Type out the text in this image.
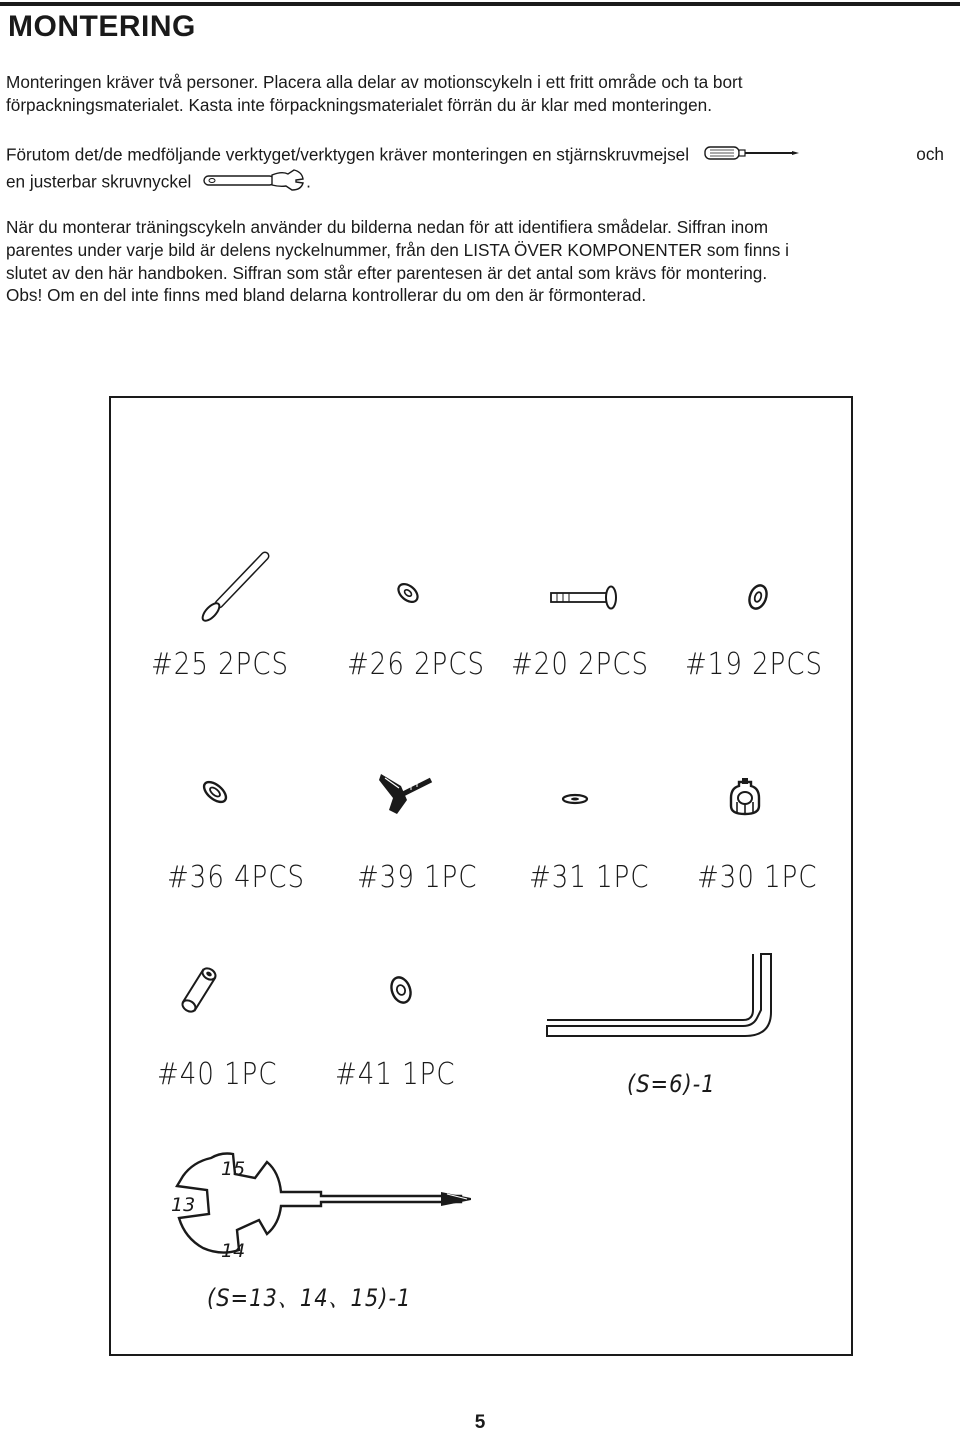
MONTERING
Monteringen kräver två personer. Placera alla delar av motionscykeln i ett fritt område och ta bort
förpackningsmaterialet. Kasta inte förpackningsmaterialet förrän du är klar med monteringen.
Förutom det/de medföljande verktyget/verktygen kräver monteringen en stjärnskruvmejsel	och
en justerbar skruvnyckel	.
När du monterar träningscykeln använder du bilderna nedan för att identifiera smådelar. Siffran inom
parentes under varje bild är delens nyckelnummer, från den LISTA ÖVER KOMPONENTER som finns i
slutet av den här handboken. Siffran som står efter parentesen är det antal som krävs för montering.
Obs! Om en del inte finns med bland delarna kontrollerar du om den är förmonterad.

#25 2PCS #26 2PCS #20 2PCS #19 2PCS

#36 4PCS #39 1PC #31 1PC #30 1PC

#40 1PC #41 1PC	(S=6)-1

15

13

14

(S=13、14、15)-1

5
